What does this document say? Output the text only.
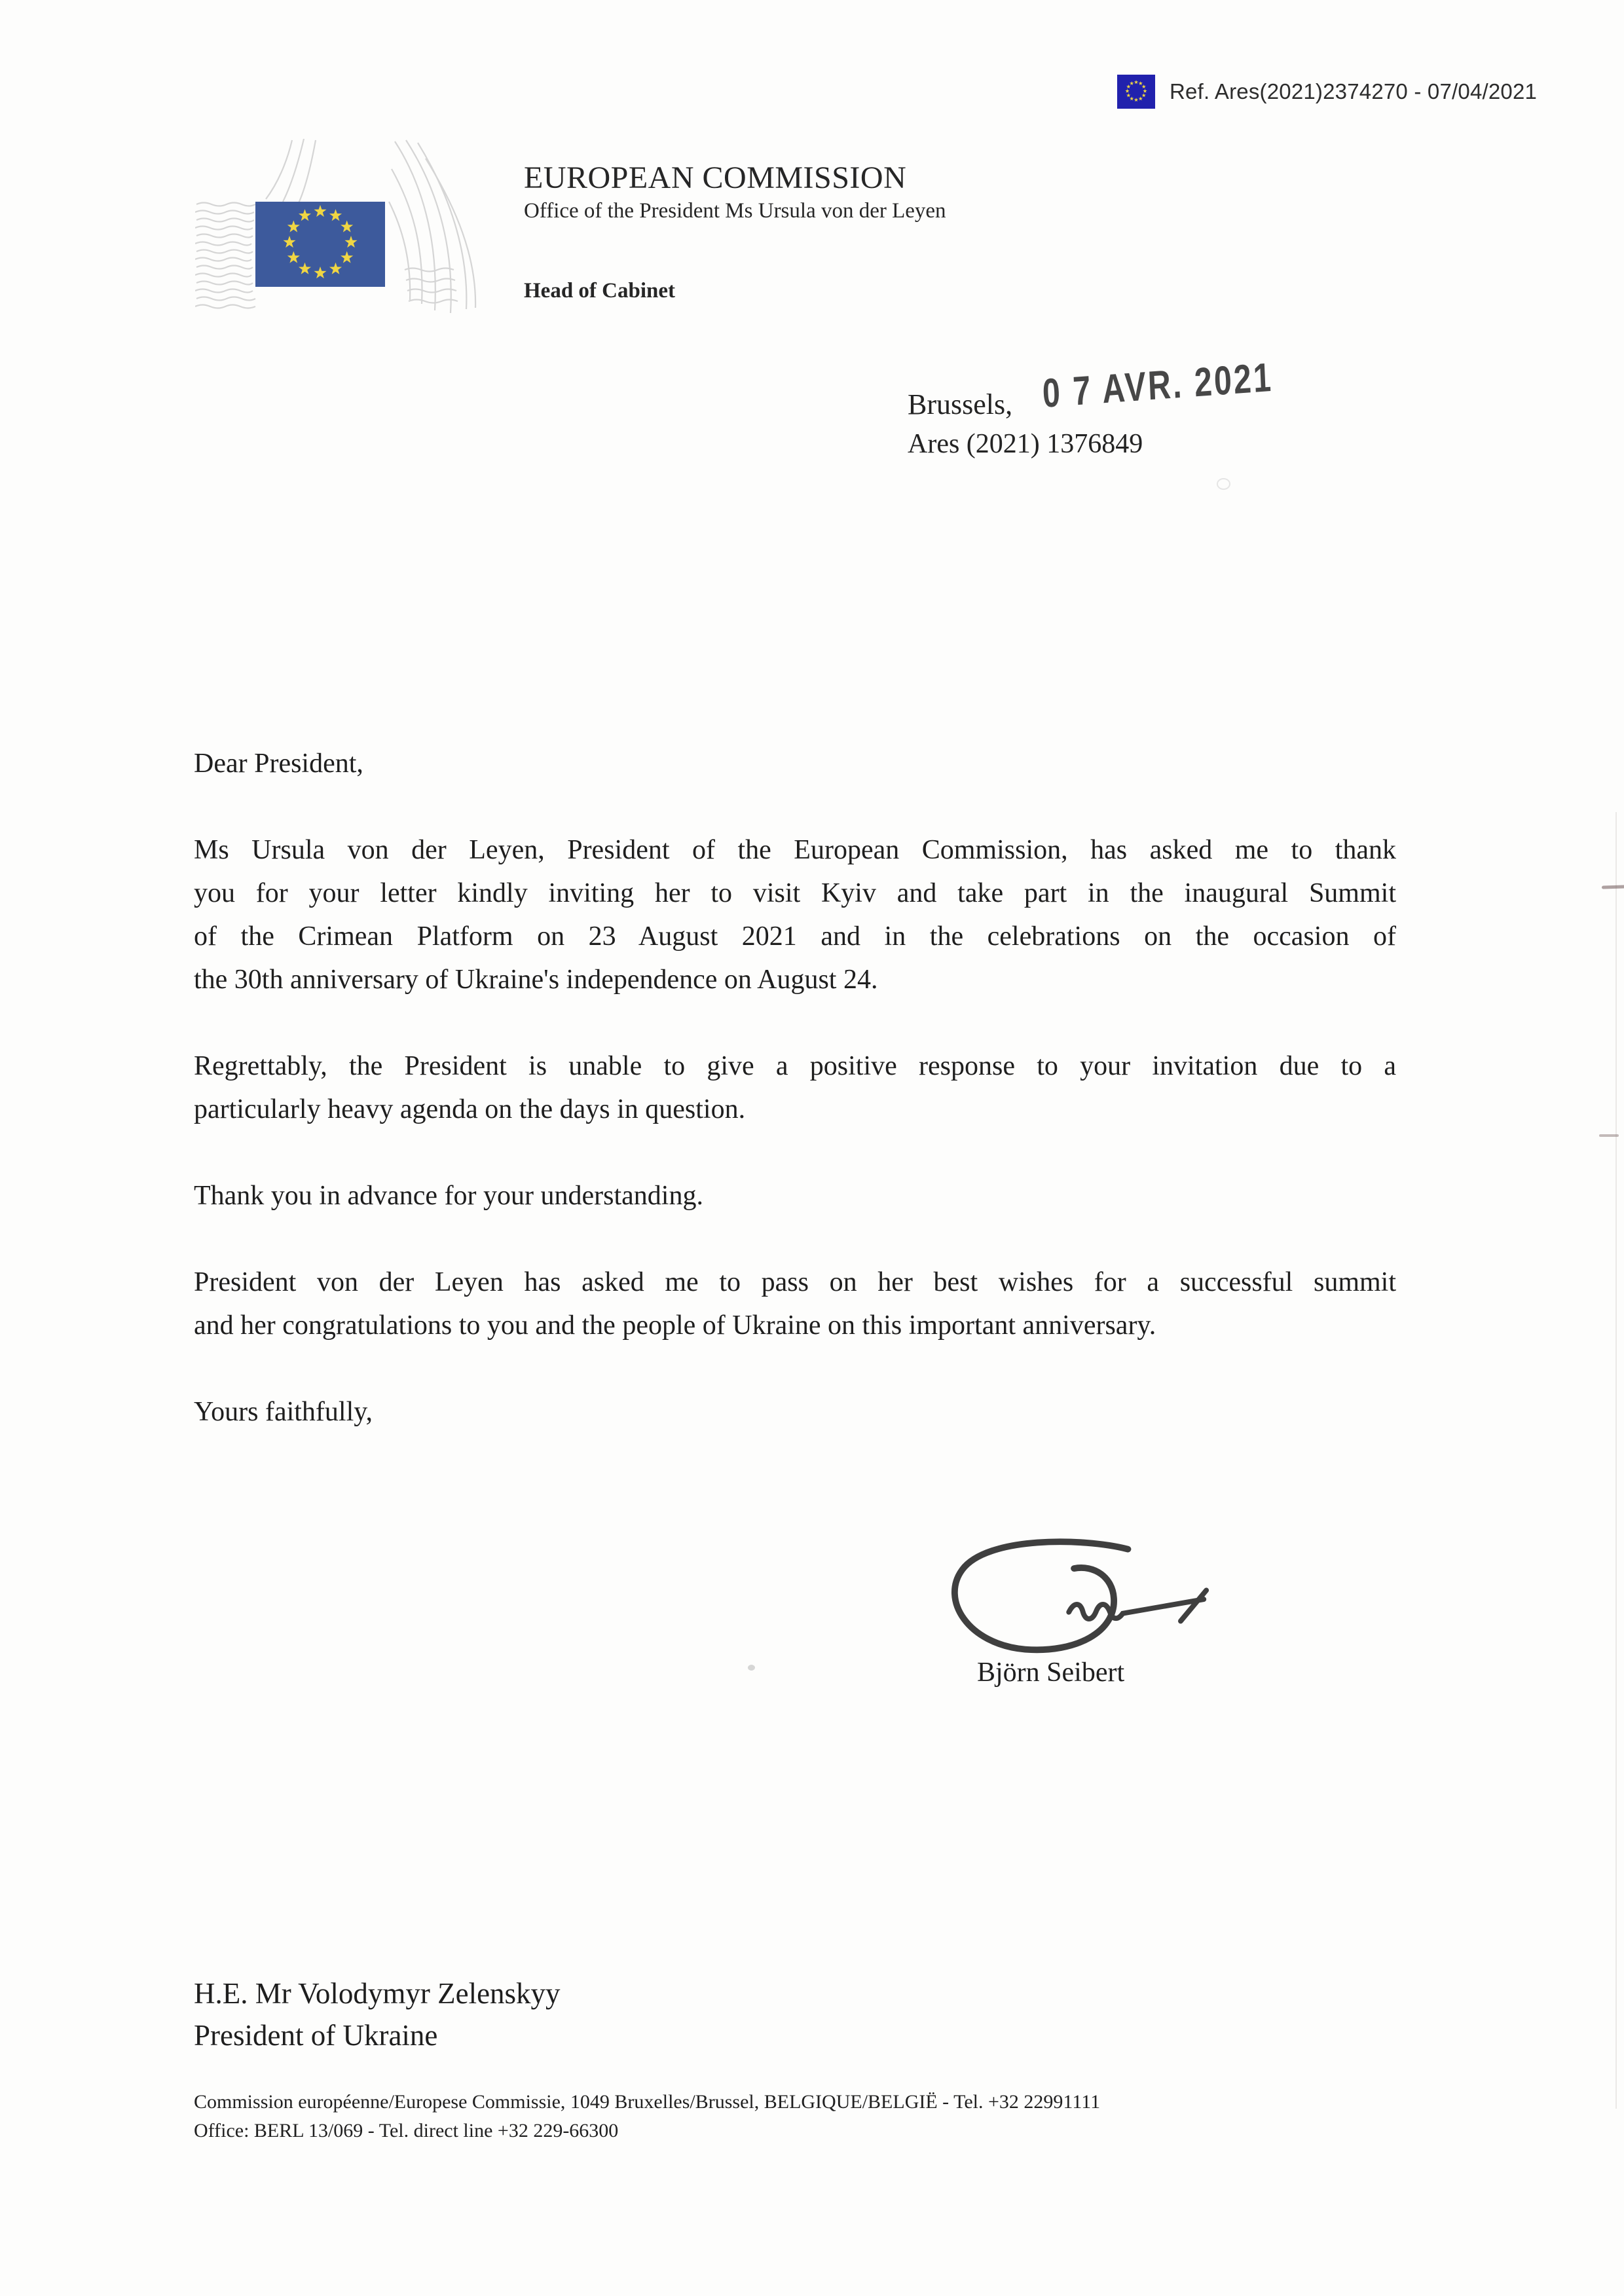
Ref. Ares(2021)2374270 - 07/04/2021
EUROPEAN COMMISSION
Office of the President Ms Ursula von der Leyen
Head of Cabinet
Brussels, 0 7 AVR. 2021
Ares (2021) 1376849
Dear President,
Ms Ursula von der Leyen, President of the European Commission, has asked me to thank
you for your letter kindly inviting her to visit Kyiv and take part in the inaugural Summit
of the Crimean Platform on 23 August 2021 and in the celebrations on the occasion of
the 30th anniversary of Ukraine's independence on August 24.
Regrettably, the President is unable to give a positive response to your invitation due to a
particularly heavy agenda on the days in question.
Thank you in advance for your understanding.
President von der Leyen has asked me to pass on her best wishes for a successful summit
and her congratulations to you and the people of Ukraine on this important anniversary.
Yours faithfully,
Björn Seibert
H.E. Mr Volodymyr Zelenskyy
President of Ukraine
Commission européenne/Europese Commissie, 1049 Bruxelles/Brussel, BELGIQUE/BELGIË - Tel. +32 22991111
Office: BERL 13/069 - Tel. direct line +32 229-66300
